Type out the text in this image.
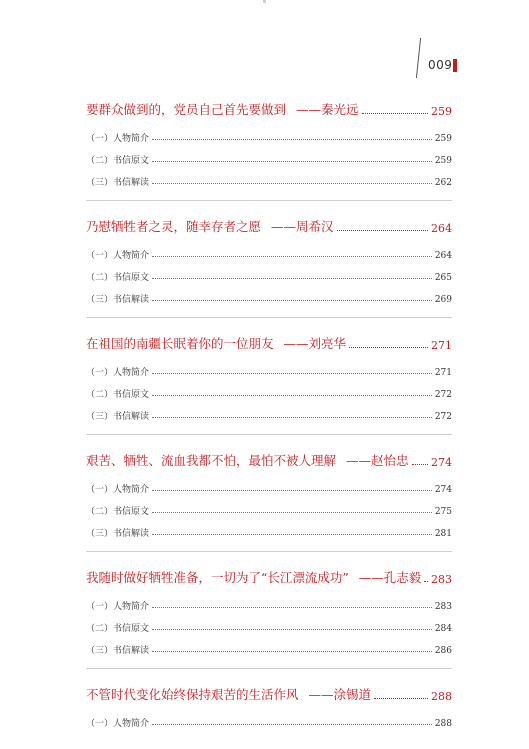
009
要群众做到的，党员自己首先要做到 ——秦光远	259
（一）人物简介	259
（二）书信原文	259
（三）书信解读	262
乃慰牺牲者之灵，随幸存者之愿 ——周希汉	264
（一）人物简介	264
（二）书信原文	265
（三）书信解读	269
在祖国的南疆长眠着你的一位朋友 ——刘亮华	271
（一）人物简介	271
（二）书信原文	272
（三）书信解读	272
艰苦、牺牲、流血我都不怕，最怕不被人理解 ——赵怡忠 274
（一）人物简介	274
（二）书信原文	275
（三）书信解读	281
我随时做好牺牲准备，一切为了“长江漂流成功” ——孔志毅 283
（一）人物简介	283
（二）书信原文	284
（三）书信解读	286
不管时代变化始终保持艰苦的生活作风 ——涂锡道	288
（一）人物简介	288
